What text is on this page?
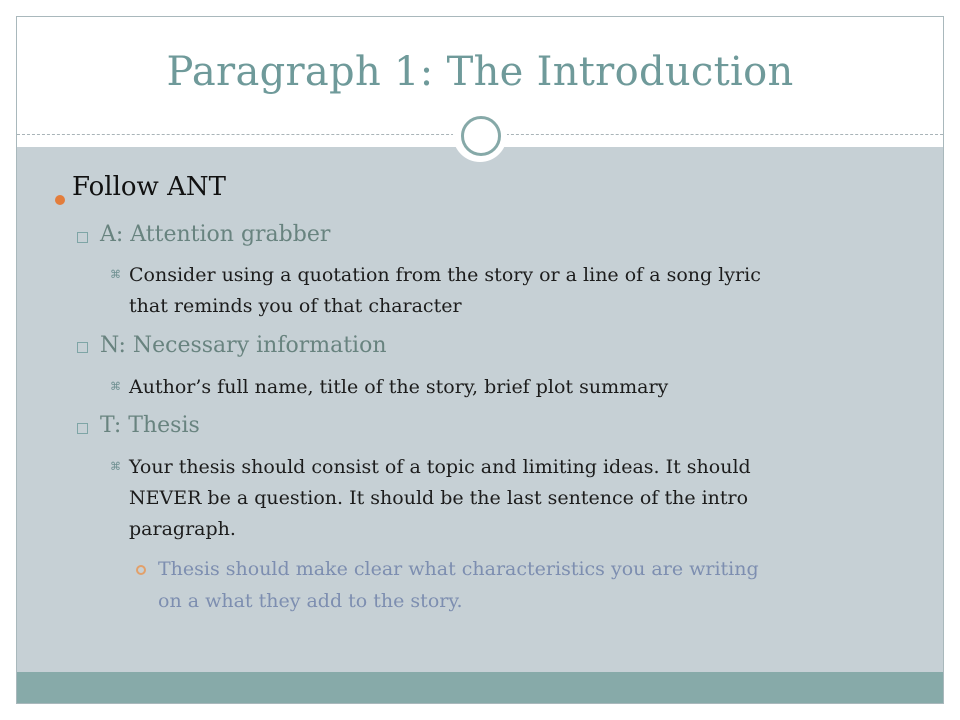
Paragraph 1: The Introduction
Follow ANT
A: Attention grabber
⌘ Consider using a quotation from the story or a line of a song lyric
that reminds you of that character
N: Necessary information
⌘ Author’s full name, title of the story, brief plot summary
T: Thesis
⌘ Your thesis should consist of a topic and limiting ideas. It should
NEVER be a question. It should be the last sentence of the intro
paragraph.
Thesis should make clear what characteristics you are writing
on a what they add to the story.
